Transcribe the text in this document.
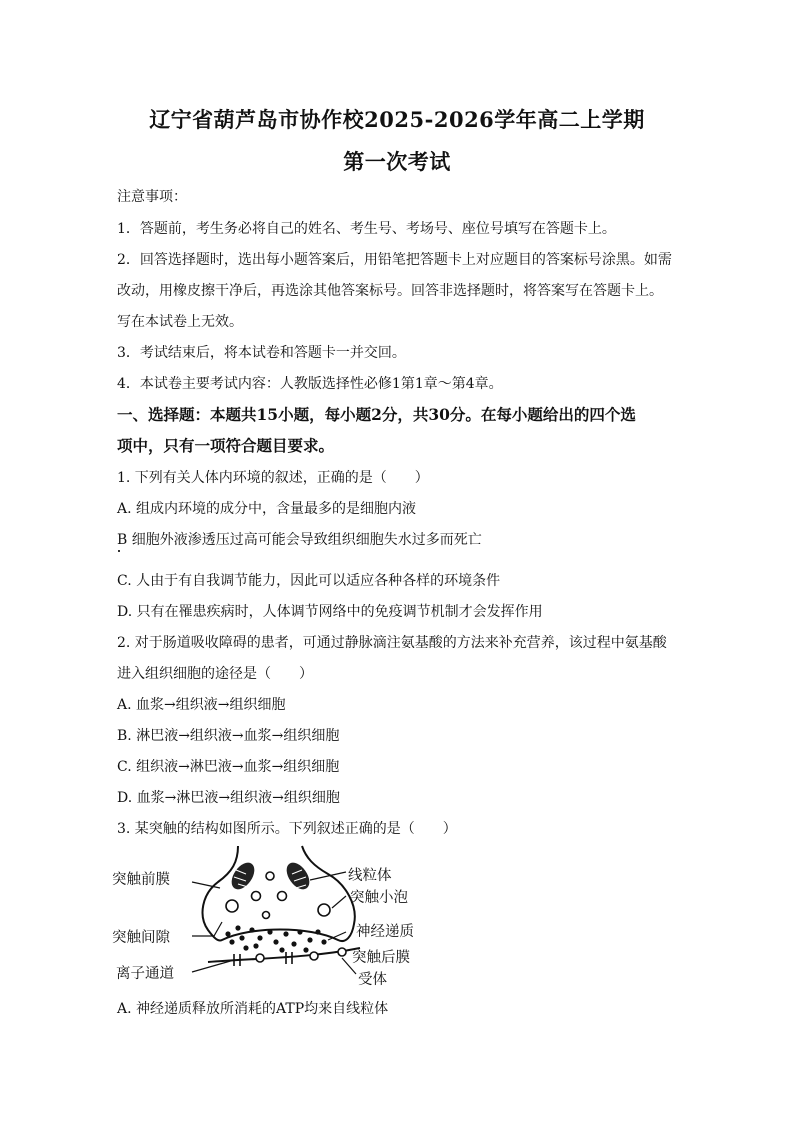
辽宁省葫芦岛市协作校2025-2026学年高二上学期
第一次考试
注意事项：
1．答题前，考生务必将自己的姓名、考生号、考场号、座位号填写在答题卡上。
2．回答选择题时，选出每小题答案后，用铅笔把答题卡上对应题目的答案标号涂黑。如需
改动，用橡皮擦干净后，再选涂其他答案标号。回答非选择题时，将答案写在答题卡上。
写在本试卷上无效。
3．考试结束后，将本试卷和答题卡一并交回。
4．本试卷主要考试内容：人教版选择性必修1第1章～第4章。
一、选择题：本题共15小题，每小题2分，共30分。在每小题给出的四个选
项中，只有一项符合题目要求。
1. 下列有关人体内环境的叙述，正确的是（　　）
A. 组成内环境的成分中，含量最多的是细胞内液
B 细胞外液渗透压过高可能会导致组织细胞失水过多而死亡
C. 人由于有自我调节能力，因此可以适应各种各样的环境条件
D. 只有在罹患疾病时，人体调节网络中的免疫调节机制才会发挥作用
2. 对于肠道吸收障碍的患者，可通过静脉滴注氨基酸的方法来补充营养，该过程中氨基酸
进入组织细胞的途径是（　　）
A. 血浆→组织液→组织细胞
B. 淋巴液→组织液→血浆→组织细胞
C. 组织液→淋巴液→血浆→组织细胞
D. 血浆→淋巴液→组织液→组织细胞
3. 某突触的结构如图所示。下列叙述正确的是（　　）
突触前膜
突触间隙
离子通道
线粒体
突触小泡
神经递质
突触后膜
受体
A. 神经递质释放所消耗的ATP均来自线粒体
